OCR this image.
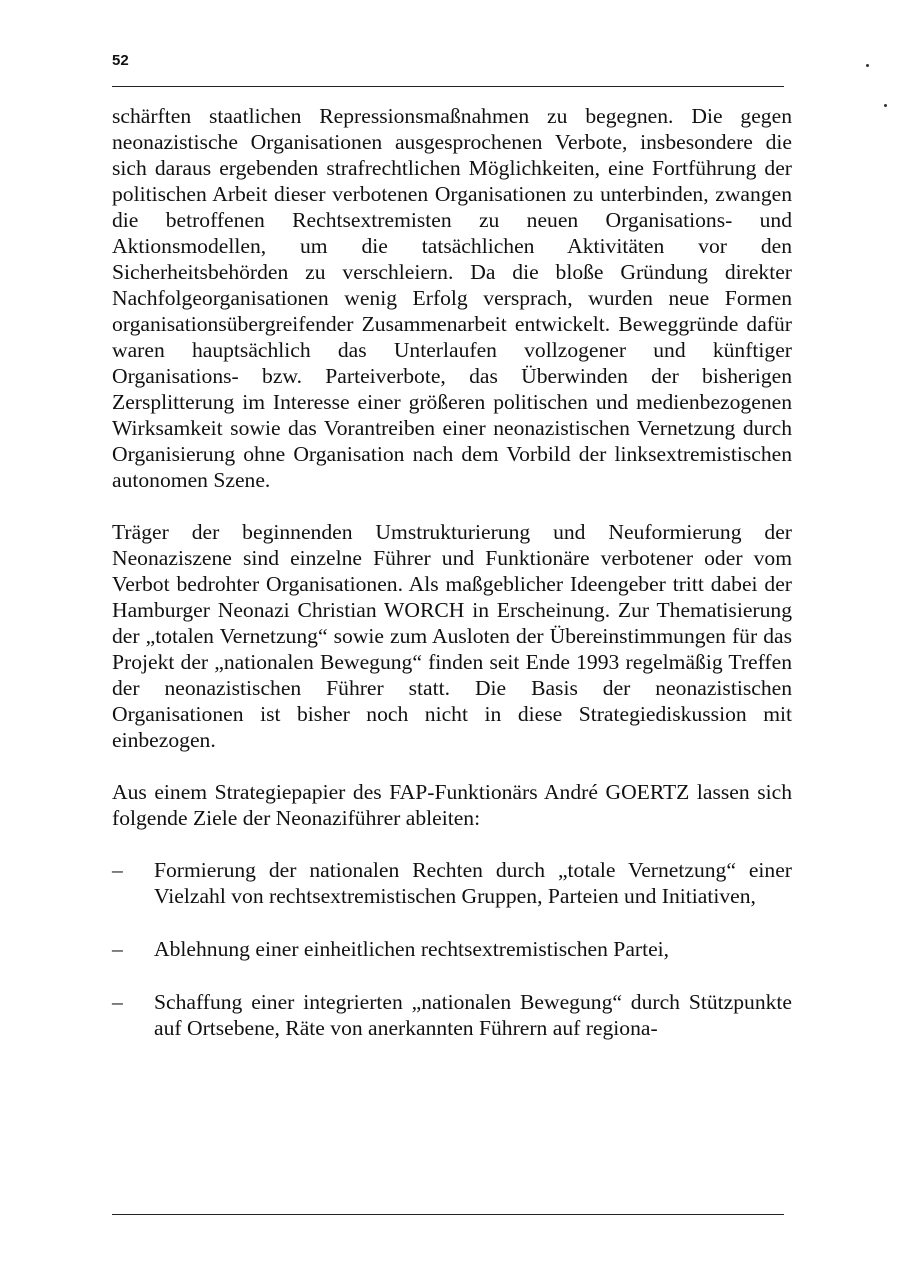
52

schärften staatlichen Repressionsmaßnahmen zu begegnen. Die gegen neonazistische Organisationen ausgesprochenen Verbote, insbesondere die sich daraus ergebenden strafrechtlichen Möglichkeiten, eine Fortführung der politischen Arbeit dieser verbotenen Organisationen zu unterbinden, zwangen die betroffenen Rechtsextremisten zu neuen Organisations- und Aktionsmodellen, um die tatsächlichen Aktivitäten vor den Sicherheitsbehörden zu verschleiern. Da die bloße Gründung direkter Nachfolgeorganisationen wenig Erfolg versprach, wurden neue Formen organisationsübergreifender Zusammenarbeit entwickelt. Beweggründe dafür waren hauptsächlich das Unterlaufen vollzogener und künftiger Organisations- bzw. Parteiverbote, das Überwinden der bisherigen Zersplitterung im Interesse einer größeren politischen und medienbezogenen Wirksamkeit sowie das Vorantreiben einer neonazistischen Vernetzung durch Organisierung ohne Organisation nach dem Vorbild der linksextremistischen autonomen Szene.

Träger der beginnenden Umstrukturierung und Neuformierung der Neonaziszene sind einzelne Führer und Funktionäre verbotener oder vom Verbot bedrohter Organisationen. Als maßgeblicher Ideengeber tritt dabei der Hamburger Neonazi Christian WORCH in Erscheinung. Zur Thematisierung der „totalen Vernetzung“ sowie zum Ausloten der Übereinstimmungen für das Projekt der „nationalen Bewegung“ finden seit Ende 1993 regelmäßig Treffen der neonazistischen Führer statt. Die Basis der neonazistischen Organisationen ist bisher noch nicht in diese Strategiediskussion mit einbezogen.

Aus einem Strategiepapier des FAP-Funktionärs André GOERTZ lassen sich folgende Ziele der Neonaziführer ableiten:

– Formierung der nationalen Rechten durch „totale Vernetzung“ einer Vielzahl von rechtsextremistischen Gruppen, Parteien und Initiativen,
– Ablehnung einer einheitlichen rechtsextremistischen Partei,
– Schaffung einer integrierten „nationalen Bewegung“ durch Stützpunkte auf Ortsebene, Räte von anerkannten Führern auf regiona-
